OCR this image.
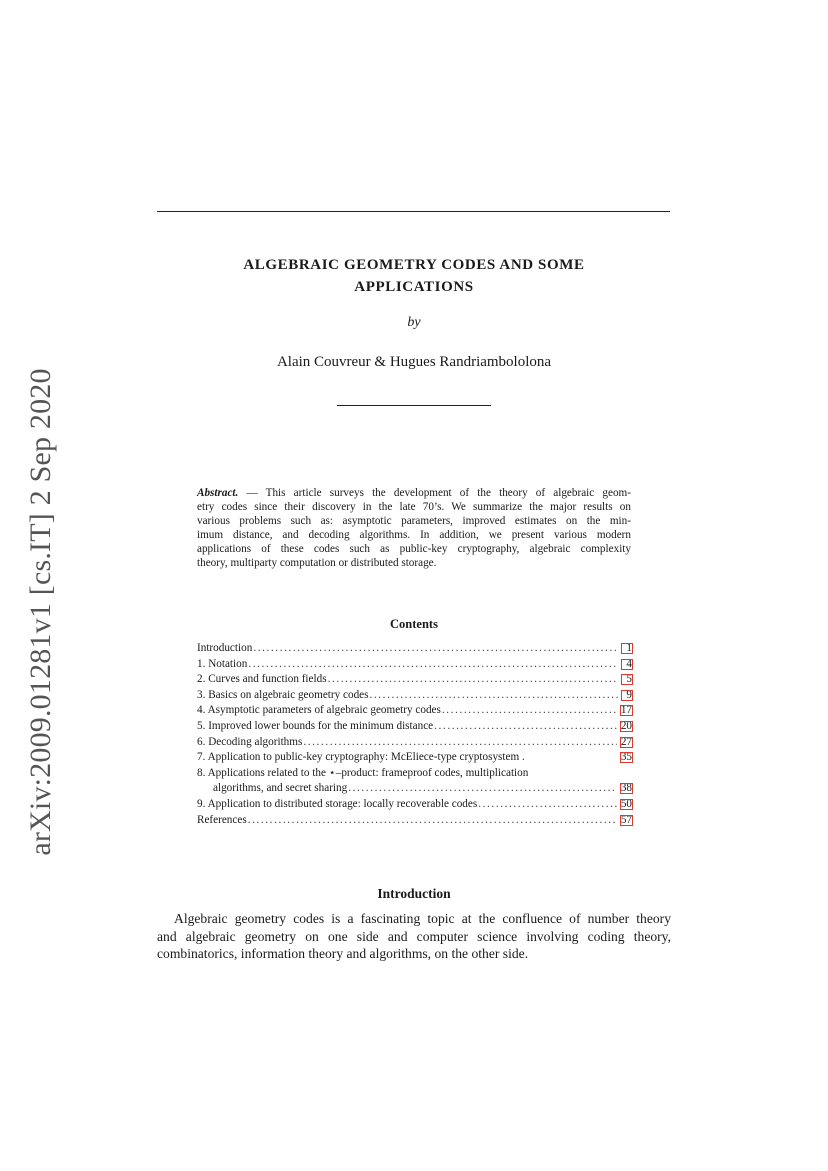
arXiv:2009.01281v1 [cs.IT] 2 Sep 2020
ALGEBRAIC GEOMETRY CODES AND SOME
APPLICATIONS
by
Alain Couvreur & Hugues Randriambololona
Abstract. — This article surveys the development of the theory of algebraic geom-
etry codes since their discovery in the late 70’s. We summarize the major results on
various problems such as: asymptotic parameters, improved estimates on the min-
imum distance, and decoding algorithms. In addition, we present various modern
applications of these codes such as public-key cryptography, algebraic complexity
theory, multiparty computation or distributed storage.
Contents
Introduction .....	1
1. Notation .....	4
2. Curves and function fields .....	5
3. Basics on algebraic geometry codes .....	9
4. Asymptotic parameters of algebraic geometry codes .....	17
5. Improved lower bounds for the minimum distance .....	20
6. Decoding algorithms .....	27
7. Application to public-key cryptography: McEliece-type cryptosystem .	35
8. Applications related to the ⋆–product: frameproof codes, multiplication
algorithms, and secret sharing .....	38
9. Application to distributed storage: locally recoverable codes .....	50
References .....	57
Introduction
Algebraic geometry codes is a fascinating topic at the confluence of number theory
and algebraic geometry on one side and computer science involving coding theory,
combinatorics, information theory and algorithms, on the other side.
